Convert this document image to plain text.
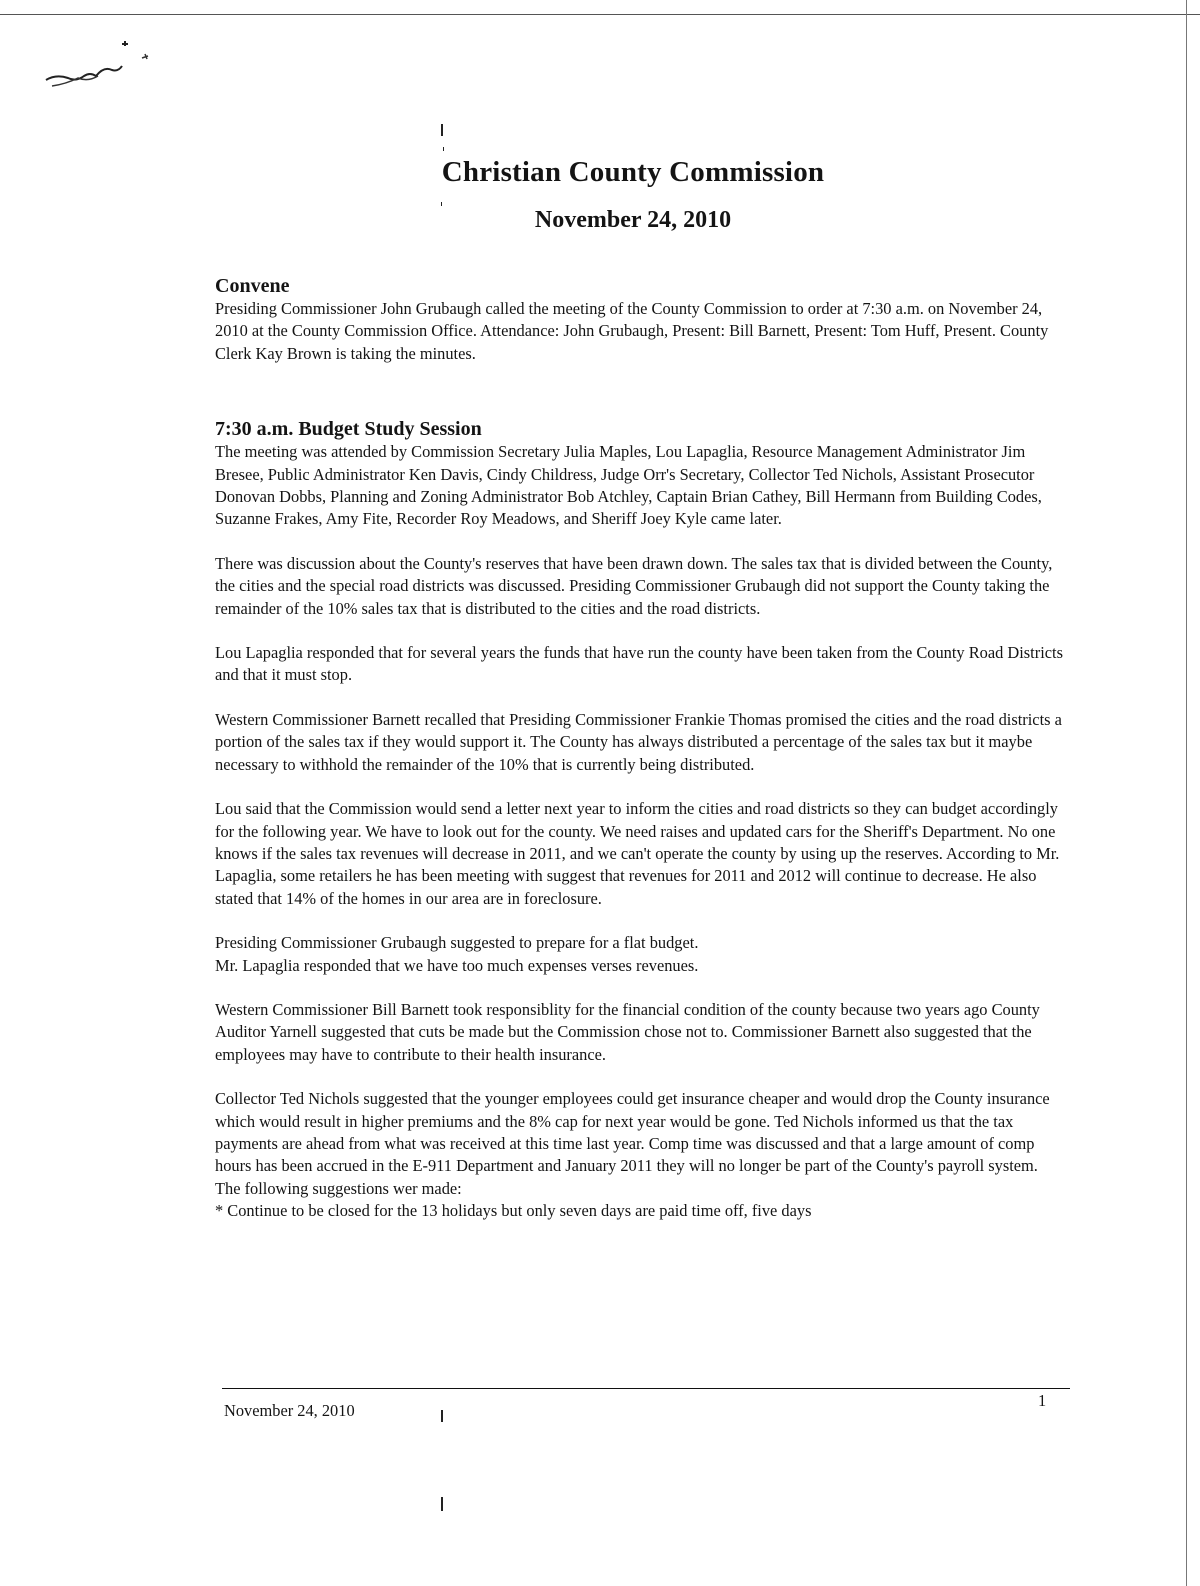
Christian County Commission
November 24, 2010
Convene

Presiding Commissioner John Grubaugh called the meeting of the County Commission to order at 7:30 a.m. on November 24, 2010 at the County Commission Office. Attendance: John Grubaugh, Present: Bill Barnett, Present: Tom Huff, Present. County Clerk Kay Brown is taking the minutes.

7:30 a.m. Budget Study Session

The meeting was attended by Commission Secretary Julia Maples, Lou Lapaglia, Resource Management Administrator Jim Bresee, Public Administrator Ken Davis, Cindy Childress, Judge Orr's Secretary, Collector Ted Nichols, Assistant Prosecutor Donovan Dobbs, Planning and Zoning Administrator Bob Atchley, Captain Brian Cathey, Bill Hermann from Building Codes, Suzanne Frakes, Amy Fite, Recorder Roy Meadows, and Sheriff Joey Kyle came later.

There was discussion about the County's reserves that have been drawn down. The sales tax that is divided between the County, the cities and the special road districts was discussed. Presiding Commissioner Grubaugh did not support the County taking the remainder of the 10% sales tax that is distributed to the cities and the road districts.

Lou Lapaglia responded that for several years the funds that have run the county have been taken from the County Road Districts and that it must stop.

Western Commissioner Barnett recalled that Presiding Commissioner Frankie Thomas promised the cities and the road districts a portion of the sales tax if they would support it. The County has always distributed a percentage of the sales tax but it maybe necessary to withhold the remainder of the 10% that is currently being distributed.

Lou said that the Commission would send a letter next year to inform the cities and road districts so they can budget accordingly for the following year. We have to look out for the county. We need raises and updated cars for the Sheriff's Department. No one knows if the sales tax revenues will decrease in 2011, and we can't operate the county by using up the reserves. According to Mr. Lapaglia, some retailers he has been meeting with suggest that revenues for 2011 and 2012 will continue to decrease. He also stated that 14% of the homes in our area are in foreclosure.

Presiding Commissioner Grubaugh suggested to prepare for a flat budget.
Mr. Lapaglia responded that we have too much expenses verses revenues.

Western Commissioner Bill Barnett took responsiblity for the financial condition of the county because two years ago County Auditor Yarnell suggested that cuts be made but the Commission chose not to. Commissioner Barnett also suggested that the employees may have to contribute to their health insurance.

Collector Ted Nichols suggested that the younger employees could get insurance cheaper and would drop the County insurance which would result in higher premiums and the 8% cap for next year would be gone. Ted Nichols informed us that the tax payments are ahead from what was received at this time last year. Comp time was discussed and that a large amount of comp hours has been accrued in the E-911 Department and January 2011 they will no longer be part of the County's payroll system.
The following suggestions wer made:
* Continue to be closed for the 13 holidays but only seven days are paid time off, five days

November 24, 2010
1
